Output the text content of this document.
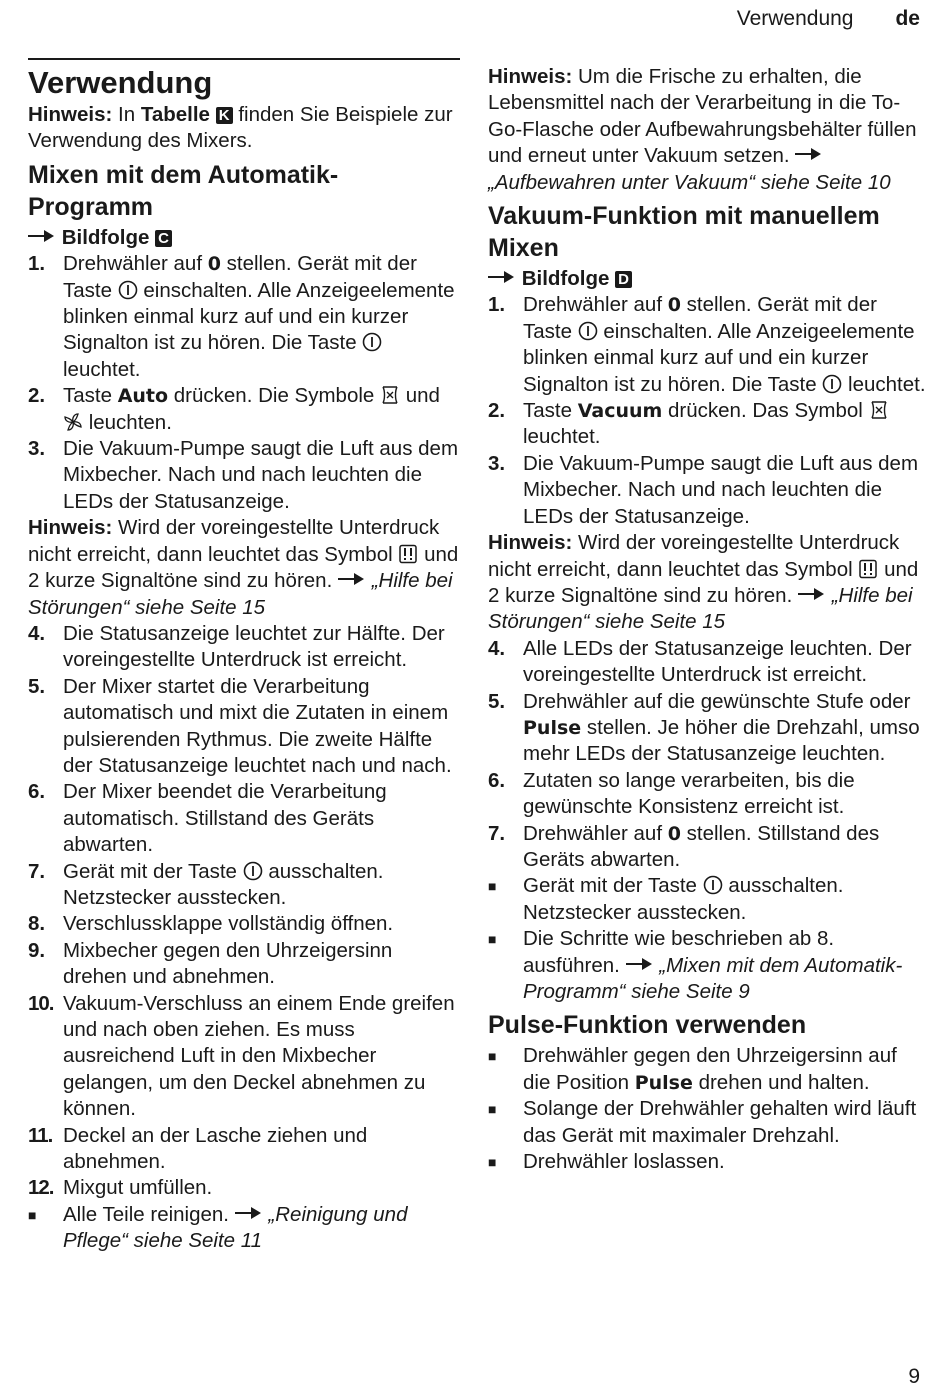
Verwendung de
Verwendung

Hinweis: In Tabelle K finden Sie Beispiele zur Verwendung des Mixers.

Mixen mit dem Automatik-Programm

Bildfolge C

1. Drehwähler auf 0 stellen. Gerät mit der Taste einschalten. Alle Anzeigeelemente blinken einmal kurz auf und ein kurzer Signalton ist zu hören. Die Taste
leuchtet.
2. Taste Auto drücken. Die Symbole und
leuchten.
3. Die Vakuum-Pumpe saugt die Luft aus dem Mixbecher. Nach und nach leuchten die LEDs der Statusanzeige.

Hinweis: Wird der voreingestellte Unterdruck nicht erreicht, dann leuchtet das Symbol und 2 kurze Signaltöne sind zu hören. „Hilfe bei Störungen“ siehe Seite 15

4. Die Statusanzeige leuchtet zur Hälfte. Der voreingestellte Unterdruck ist erreicht.
5. Der Mixer startet die Verarbeitung automatisch und mixt die Zutaten in einem pulsierenden Rythmus. Die zweite Hälfte der Statusanzeige leuchtet nach und nach.
6. Der Mixer beendet die Verarbeitung automatisch. Stillstand des Geräts abwarten.
7. Gerät mit der Taste ausschalten. Netzstecker ausstecken.
8. Verschlussklappe vollständig öffnen.
9. Mixbecher gegen den Uhrzeigersinn drehen und abnehmen.
10. Vakuum-Verschluss an einem Ende greifen und nach oben ziehen. Es muss ausreichend Luft in den Mixbecher gelangen, um den Deckel abnehmen zu können.
11. Deckel an der Lasche ziehen und abnehmen.
12. Mixgut umfüllen.
■	Alle Teile reinigen. „Reinigung und Pflege“ siehe Seite 11

Hinweis: Um die Frische zu erhalten, die Lebensmittel nach der Verarbeitung in die To-Go-Flasche oder Aufbewahrungsbehälter füllen und erneut unter Vakuum setzen.
„Aufbewahren unter Vakuum“ siehe Seite 10

Vakuum-Funktion mit manuellem Mixen

Bildfolge D

1. Drehwähler auf 0 stellen. Gerät mit der Taste einschalten. Alle Anzeigeelemente blinken einmal kurz auf und ein kurzer Signalton ist zu hören. Die Taste leuchtet.
2. Taste Vacuum drücken. Das Symbol
leuchtet.
3. Die Vakuum-Pumpe saugt die Luft aus dem Mixbecher. Nach und nach leuchten die LEDs der Statusanzeige.

Hinweis: Wird der voreingestellte Unterdruck nicht erreicht, dann leuchtet das Symbol und 2 kurze Signaltöne sind zu hören. „Hilfe bei Störungen“ siehe Seite 15

4. Alle LEDs der Statusanzeige leuchten. Der voreingestellte Unterdruck ist erreicht.
5. Drehwähler auf die gewünschte Stufe oder Pulse stellen. Je höher die Drehzahl, umso mehr LEDs der Statusanzeige leuchten.
6. Zutaten so lange verarbeiten, bis die gewünschte Konsistenz erreicht ist.
7. Drehwähler auf 0 stellen. Stillstand des Geräts abwarten.
■	Gerät mit der Taste ausschalten. Netzstecker ausstecken.
■	Die Schritte wie beschrieben ab 8. ausführen. „Mixen mit dem Automatik-Programm“ siehe Seite 9
Pulse-Funktion verwenden
■	Drehwähler gegen den Uhrzeigersinn auf die Position Pulse drehen und halten.
■	Solange der Drehwähler gehalten wird läuft das Gerät mit maximaler Drehzahl.
■	Drehwähler loslassen.
9
